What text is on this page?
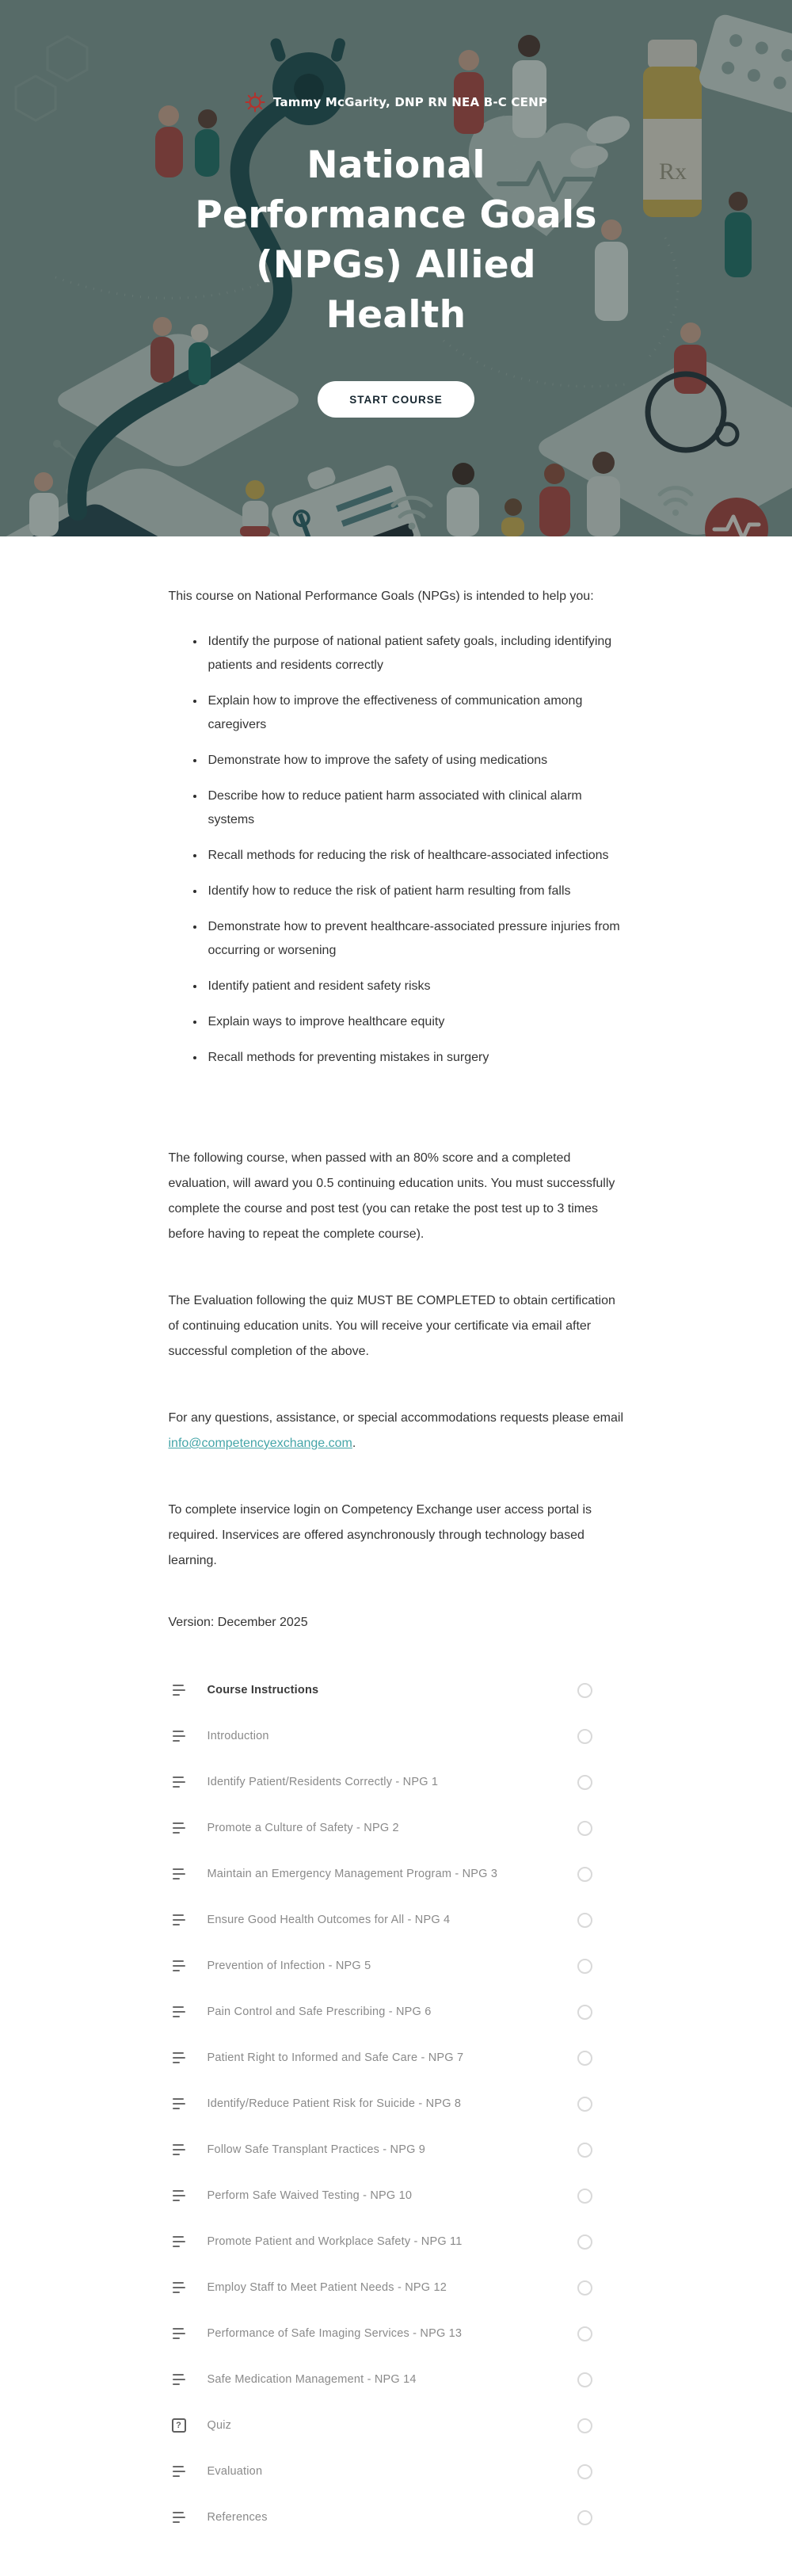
Rx
Tammy McGarity, DNP RN NEA B-C CENP
National
Performance Goals
(NPGs) Allied
Health
START COURSE

This course on National Performance Goals (NPGs) is intended to help you:

• Identify the purpose of national patient safety goals, including identifying patients and residents correctly
• Explain how to improve the effectiveness of communication among caregivers
• Demonstrate how to improve the safety of using medications
• Describe how to reduce patient harm associated with clinical alarm systems
• Recall methods for reducing the risk of healthcare-associated infections
• Identify how to reduce the risk of patient harm resulting from falls
• Demonstrate how to prevent healthcare-associated pressure injuries from occurring or worsening
• Identify patient and resident safety risks
• Explain ways to improve healthcare equity
• Recall methods for preventing mistakes in surgery

The following course, when passed with an 80% score and a completed evaluation, will award you 0.5 continuing education units. You must successfully complete the course and post test (you can retake the post test up to 3 times before having to repeat the complete course).

The Evaluation following the quiz MUST BE COMPLETED to obtain certification of continuing education units. You will receive your certificate via email after successful completion of the above.

For any questions, assistance, or special accommodations requests please email info@competencyexchange.com.

To complete inservice login on Competency Exchange user access portal is required. Inservices are offered asynchronously through technology based learning.

Version: December 2025

Course Instructions
Introduction
Identify Patient/Residents Correctly - NPG 1
Promote a Culture of Safety - NPG 2
Maintain an Emergency Management Program - NPG 3
Ensure Good Health Outcomes for All - NPG 4
Prevention of Infection - NPG 5
Pain Control and Safe Prescribing - NPG 6
Patient Right to Informed and Safe Care - NPG 7
Identify/Reduce Patient Risk for Suicide - NPG 8
Follow Safe Transplant Practices - NPG 9
Perform Safe Waived Testing - NPG 10
Promote Patient and Workplace Safety - NPG 11
Employ Staff to Meet Patient Needs - NPG 12
Performance of Safe Imaging Services - NPG 13
Safe Medication Management - NPG 14
?	Quiz
Evaluation
References
